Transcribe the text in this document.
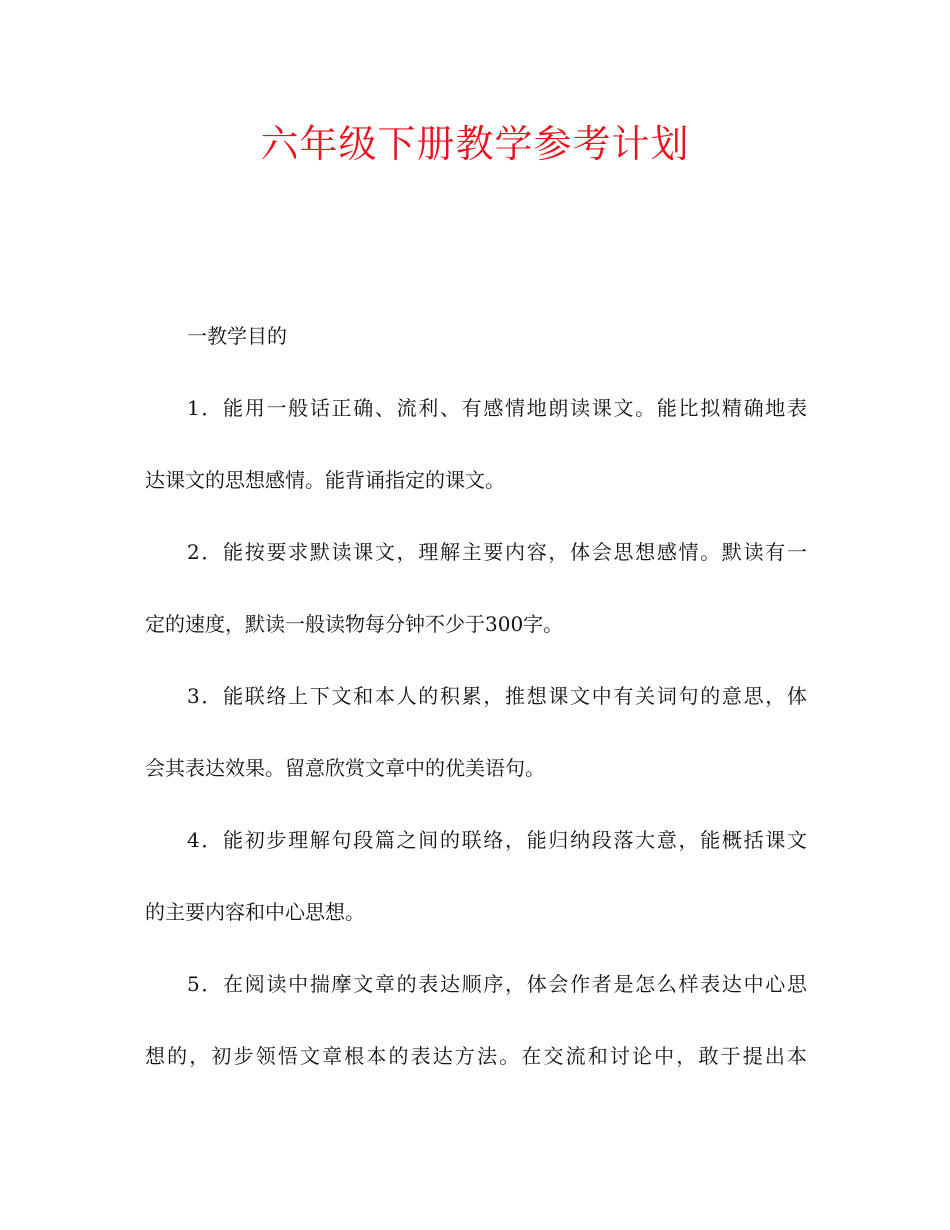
六年级下册教学参考计划
一教学目的
1．能用一般话正确、流利、有感情地朗读课文。能比拟精确地表
达课文的思想感情。能背诵指定的课文。
2．能按要求默读课文，理解主要内容，体会思想感情。默读有一
定的速度，默读一般读物每分钟不少于300字。
3．能联络上下文和本人的积累，推想课文中有关词句的意思，体
会其表达效果。留意欣赏文章中的优美语句。
4．能初步理解句段篇之间的联络，能归纳段落大意，能概括课文
的主要内容和中心思想。
5．在阅读中揣摩文章的表达顺序，体会作者是怎么样表达中心思
想的，初步领悟文章根本的表达方法。在交流和讨论中，敢于提出本
